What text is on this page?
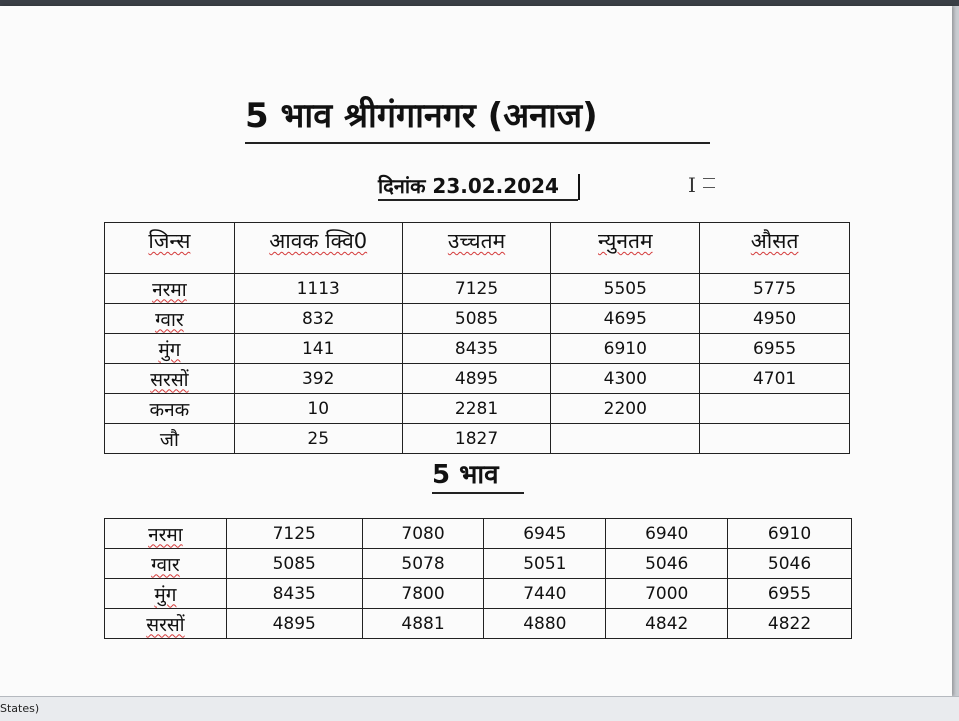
5 भाव श्रीगंगानगर (अनाज)
दिनांक 23.02.2024	I
जिन्स	आवक क्वि0	उच्चतम	न्युनतम	औसत
नरमा	1113	7125	5505	5775
ग्वार	832	5085	4695	4950
मुंग	141	8435	6910	6955
सरसों	392	4895	4300	4701
कनक	10	2281	2200	
जौ	25	1827		
5 भाव
नरमा	7125	7080	6945	6940	6910
ग्वार	5085	5078	5051	5046	5046
मुंग	8435	7800	7440	7000	6955
सरसों	4895	4881	4880	4842	4822
States)
